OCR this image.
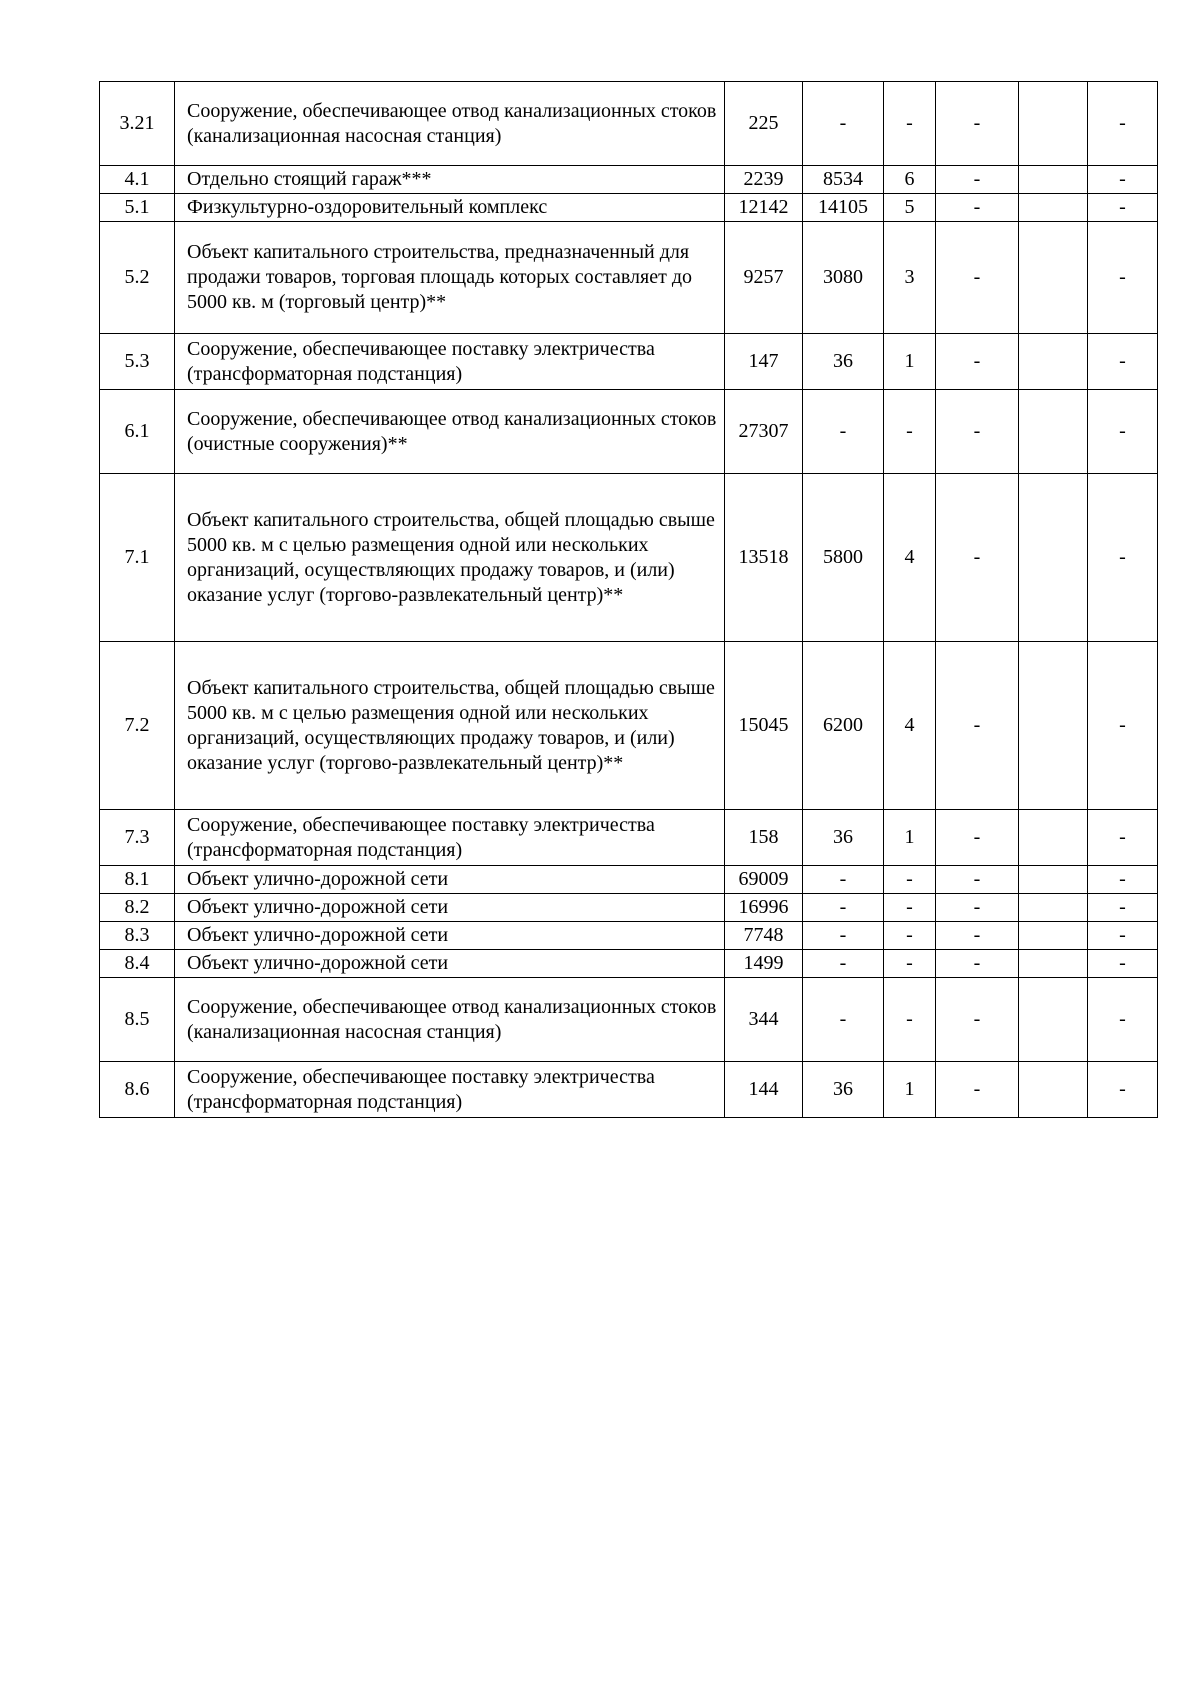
3.21	Сооружение, обеспечивающее отвод канализационных стоков (канализационная насосная станция)	225	-	-	-		-
4.1	Отдельно стоящий гараж***	2239	8534	6	-		-
5.1	Физкультурно-оздоровительный комплекс	12142	14105	5	-		-
5.2	Объект капитального строительства, предназначенный для продажи товаров, торговая площадь которых составляет до 5000 кв. м (торговый центр)**	9257	3080	3	-		-
5.3	Сооружение, обеспечивающее поставку электричества (трансформаторная подстанция)	147	36	1	-		-
6.1	Сооружение, обеспечивающее отвод канализационных стоков (очистные сооружения)**	27307	-	-	-		-
7.1	Объект капитального строительства, общей площадью свыше 5000 кв. м с целью размещения одной или нескольких организаций, осуществляющих продажу товаров, и (или) оказание услуг (торгово-развлекательный центр)**	13518	5800	4	-		-
7.2	Объект капитального строительства, общей площадью свыше 5000 кв. м с целью размещения одной или нескольких организаций, осуществляющих продажу товаров, и (или) оказание услуг (торгово-развлекательный центр)**	15045	6200	4	-		-
7.3	Сооружение, обеспечивающее поставку электричества (трансформаторная подстанция)	158	36	1	-		-
8.1	Объект улично-дорожной сети	69009	-	-	-		-
8.2	Объект улично-дорожной сети	16996	-	-	-		-
8.3	Объект улично-дорожной сети	7748	-	-	-		-
8.4	Объект улично-дорожной сети	1499	-	-	-		-
8.5	Сооружение, обеспечивающее отвод канализационных стоков (канализационная насосная станция)	344	-	-	-		-
8.6	Сооружение, обеспечивающее поставку электричества (трансформаторная подстанция)	144	36	1	-		-
